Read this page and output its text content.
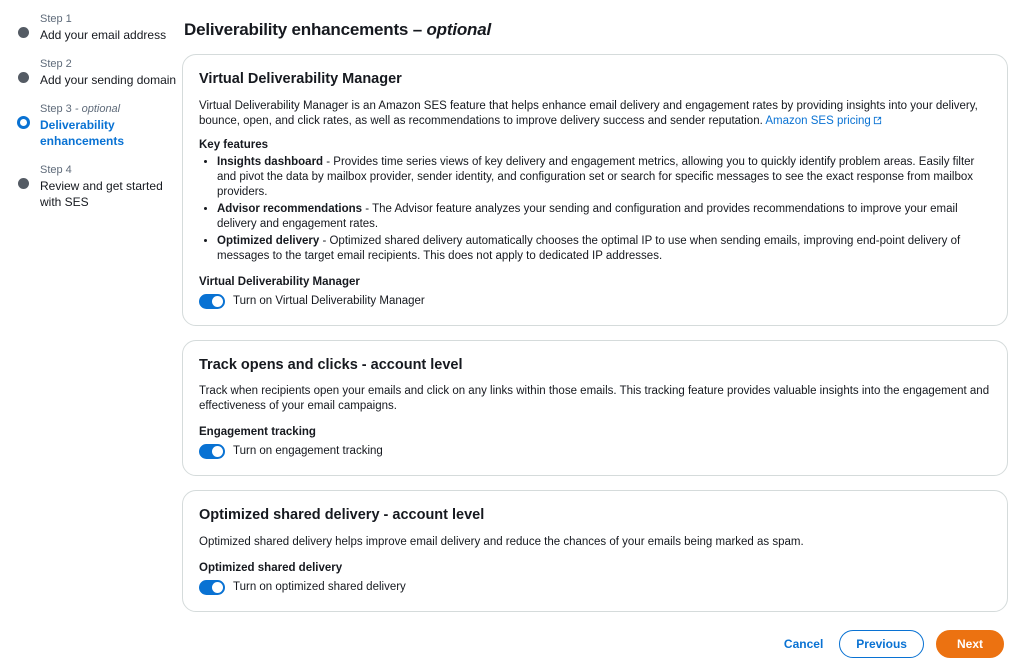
Step 1
Add your email address
Step 2
Add your sending domain
Step 3 - optional
Deliverability enhancements
Step 4
Review and get started with SES
Deliverability enhancements – optional
Virtual Deliverability Manager

Virtual Deliverability Manager is an Amazon SES feature that helps enhance email delivery and engagement rates by providing insights into your delivery, bounce, open, and click rates, as well as recommendations to improve delivery success and sender reputation. Amazon SES pricing

Key features
• Insights dashboard - Provides time series views of key delivery and engagement metrics, allowing you to quickly identify problem areas. Easily filter and pivot the data by mailbox provider, sender identity, and configuration set or search for specific messages to see the exact response from mailbox providers.
• Advisor recommendations - The Advisor feature analyzes your sending and configuration and provides recommendations to improve your email delivery and engagement rates.
• Optimized delivery - Optimized shared delivery automatically chooses the optimal IP to use when sending emails, improving end-point delivery of messages to the target email recipients. This does not apply to dedicated IP addresses.
Virtual Deliverability Manager
Turn on Virtual Deliverability Manager
Track opens and clicks - account level

Track when recipients open your emails and click on any links within those emails. This tracking feature provides valuable insights into the engagement and effectiveness of your email campaigns.

Engagement tracking
Turn on engagement tracking
Optimized shared delivery - account level

Optimized shared delivery helps improve email delivery and reduce the chances of your emails being marked as spam.

Optimized shared delivery
Turn on optimized shared delivery
Cancel	Previous	Next
